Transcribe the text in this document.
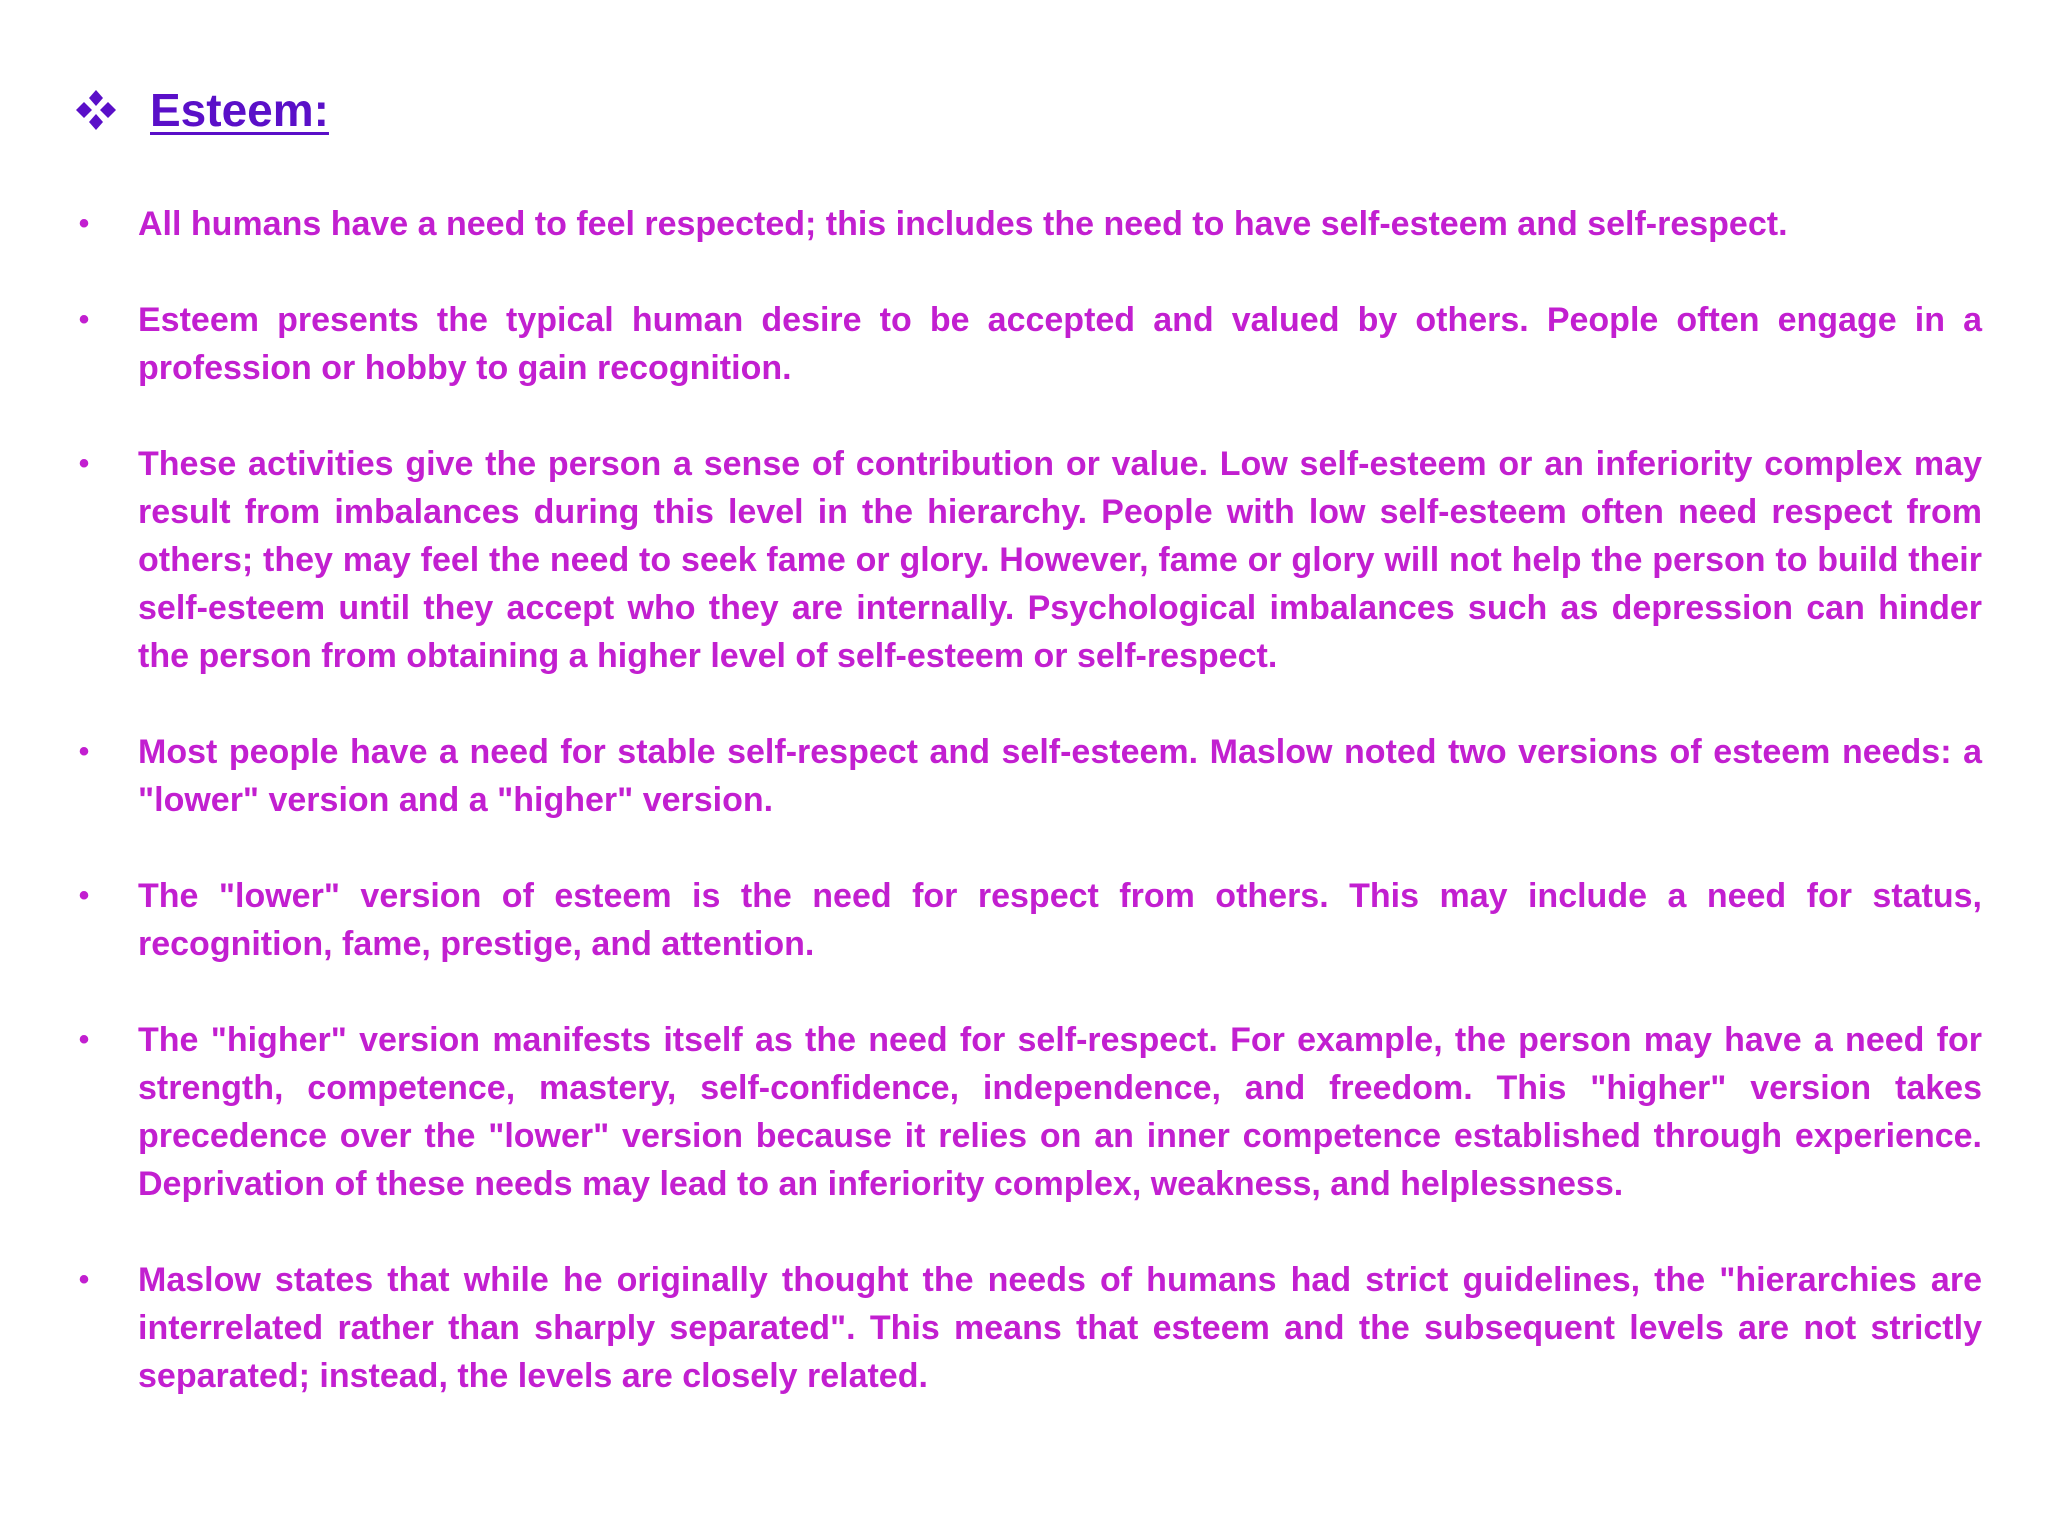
Esteem:
• All humans have a need to feel respected; this includes the need to have self-esteem and self-respect.
• Esteem presents the typical human desire to be accepted and valued by others. People often engage in a profession or hobby to gain recognition.
• These activities give the person a sense of contribution or value. Low self-esteem or an inferiority complex may result from imbalances during this level in the hierarchy. People with low self-esteem often need respect from others; they may feel the need to seek fame or glory. However, fame or glory will not help the person to build their self-esteem until they accept who they are internally. Psychological imbalances such as depression can hinder the person from obtaining a higher level of self-esteem or self-respect.
• Most people have a need for stable self-respect and self-esteem. Maslow noted two versions of esteem needs: a "lower" version and a "higher" version.
• The "lower" version of esteem is the need for respect from others. This may include a need for status, recognition, fame, prestige, and attention.
• The "higher" version manifests itself as the need for self-respect. For example, the person may have a need for strength, competence, mastery, self-confidence, independence, and freedom. This "higher" version takes precedence over the "lower" version because it relies on an inner competence established through experience. Deprivation of these needs may lead to an inferiority complex, weakness, and helplessness.
• Maslow states that while he originally thought the needs of humans had strict guidelines, the "hierarchies are interrelated rather than sharply separated". This means that esteem and the subsequent levels are not strictly separated; instead, the levels are closely related.
